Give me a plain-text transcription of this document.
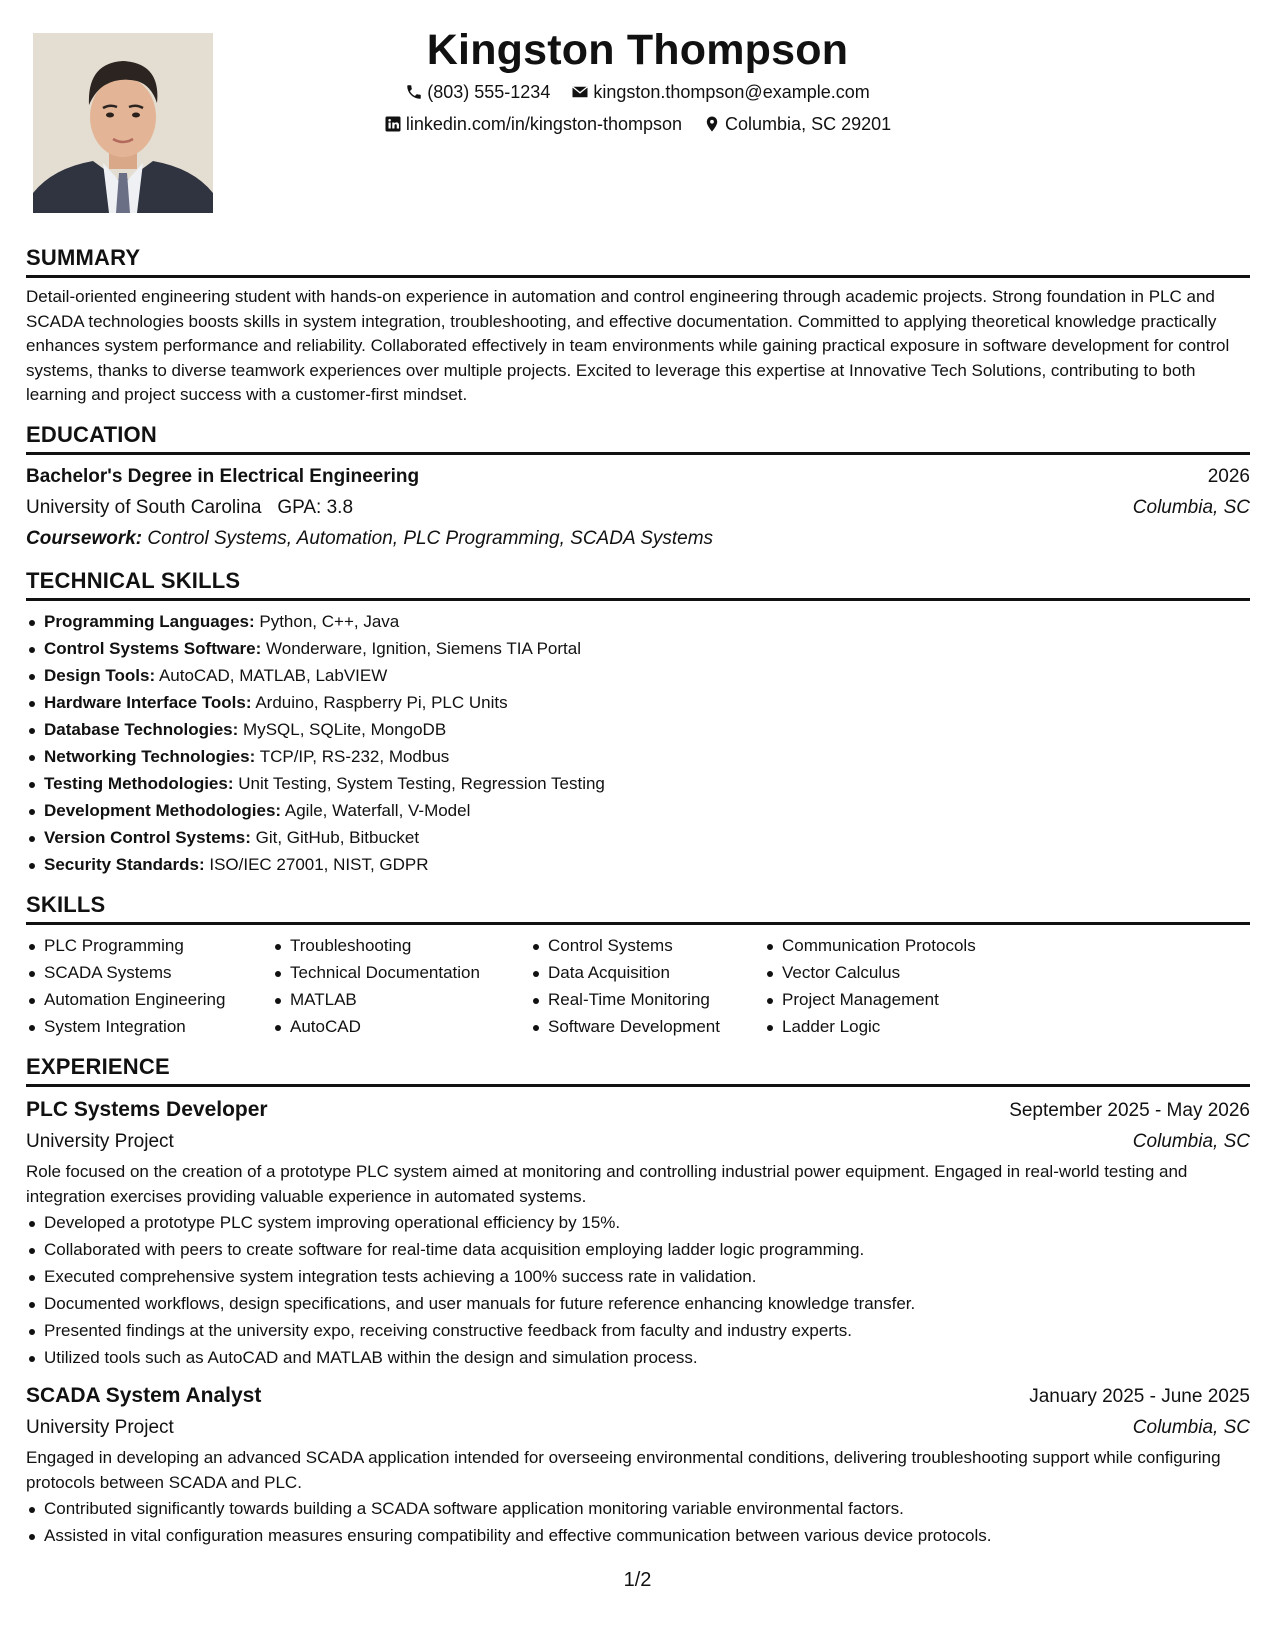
Kingston Thompson
(803) 555-1234
kingston.thompson@example.com
linkedin.com/in/kingston-thompson
Columbia, SC 29201
SUMMARY
Detail-oriented engineering student with hands-on experience in automation and control engineering through academic projects. Strong foundation in PLC and SCADA technologies boosts skills in system integration, troubleshooting, and effective documentation. Committed to applying theoretical knowledge practically enhances system performance and reliability. Collaborated effectively in team environments while gaining practical exposure in software development for control systems, thanks to diverse teamwork experiences over multiple projects. Excited to leverage this expertise at Innovative Tech Solutions, contributing to both learning and project success with a customer-first mindset.
EDUCATION
Bachelor's Degree in Electrical Engineering	2026
University of South Carolina GPA: 3.8	Columbia, SC
Coursework: Control Systems, Automation, PLC Programming, SCADA Systems
TECHNICAL SKILLS
Programming Languages: Python, C++, Java
Control Systems Software: Wonderware, Ignition, Siemens TIA Portal
Design Tools: AutoCAD, MATLAB, LabVIEW
Hardware Interface Tools: Arduino, Raspberry Pi, PLC Units
Database Technologies: MySQL, SQLite, MongoDB
Networking Technologies: TCP/IP, RS-232, Modbus
Testing Methodologies: Unit Testing, System Testing, Regression Testing
Development Methodologies: Agile, Waterfall, V-Model
Version Control Systems: Git, GitHub, Bitbucket
Security Standards: ISO/IEC 27001, NIST, GDPR
SKILLS
PLC Programming
SCADA Systems
Automation Engineering
System Integration
Troubleshooting
Technical Documentation
MATLAB
AutoCAD
Control Systems
Data Acquisition
Real-Time Monitoring
Software Development
Communication Protocols
Vector Calculus
Project Management
Ladder Logic
EXPERIENCE
PLC Systems Developer	September 2025 - May 2026
University Project	Columbia, SC
Role focused on the creation of a prototype PLC system aimed at monitoring and controlling industrial power equipment. Engaged in real-world testing and integration exercises providing valuable experience in automated systems.
Developed a prototype PLC system improving operational efficiency by 15%.
Collaborated with peers to create software for real-time data acquisition employing ladder logic programming.
Executed comprehensive system integration tests achieving a 100% success rate in validation.
Documented workflows, design specifications, and user manuals for future reference enhancing knowledge transfer.
Presented findings at the university expo, receiving constructive feedback from faculty and industry experts.
Utilized tools such as AutoCAD and MATLAB within the design and simulation process.
SCADA System Analyst	January 2025 - June 2025
University Project	Columbia, SC
Engaged in developing an advanced SCADA application intended for overseeing environmental conditions, delivering troubleshooting support while configuring protocols between SCADA and PLC.
Contributed significantly towards building a SCADA software application monitoring variable environmental factors.
Assisted in vital configuration measures ensuring compatibility and effective communication between various device protocols.
1/2
